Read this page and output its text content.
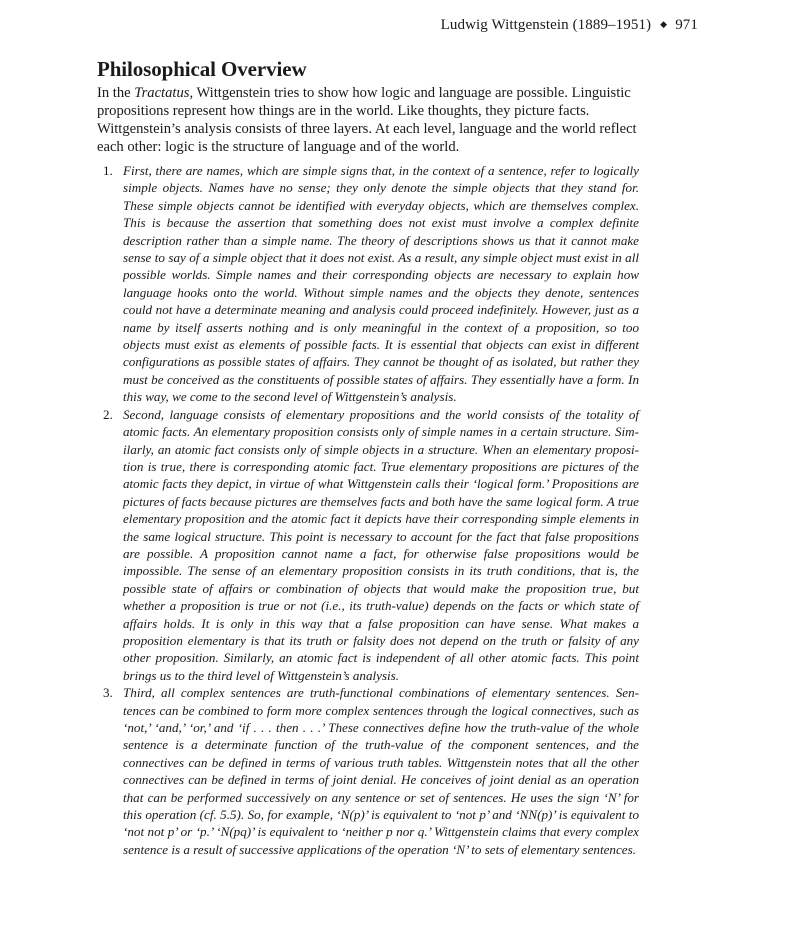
Ludwig Wittgenstein (1889–1951) ◆ 971
Philosophical Overview

In the Tractatus, Wittgenstein tries to show how logic and language are possible. Linguistic propositions represent how things are in the world. Like thoughts, they picture facts. Wittgenstein’s analysis consists of three layers. At each level, language and the world reflect each other: logic is the structure of language and of the world.

1. First, there are names, which are simple signs that, in the context of a sentence, refer to logically simple objects. Names have no sense; they only denote the simple objects that they stand for. These simple objects cannot be identified with everyday objects, which are themselves complex. This is because the assertion that something does not exist must involve a complex definite description rather than a simple name. The theory of descriptions shows us that it cannot make sense to say of a simple object that it does not exist. As a result, any simple object must exist in all possible worlds. Simple names and their corresponding objects are necessary to explain how language hooks onto the world. Without simple names and the objects they denote, sentences could not have a determinate meaning and analysis could proceed indefinitely. However, just as a name by itself asserts nothing and is only meaningful in the context of a proposition, so too objects must exist as elements of possible facts. It is essential that objects can exist in different configurations as possible states of affairs. They cannot be thought of as isolated, but rather they must be conceived as the constituents of possible states of affairs. They essentially have a form. In this way, we come to the second level of Wittgenstein’s analysis.
2. Second, language consists of elementary propositions and the world consists of the totality of atomic facts. An elementary proposition consists only of simple names in a certain structure. Similarly, an atomic fact consists only of simple objects in a structure. When an elementary proposition is true, there is corresponding atomic fact. True elementary propositions are pictures of the atomic facts they depict, in virtue of what Wittgenstein calls their ‘logical form.’ Propositions are pictures of facts because pictures are themselves facts and both have the same logical form. A true elementary proposition and the atomic fact it depicts have their corresponding simple elements in the same logical structure. This point is necessary to account for the fact that false propositions are possible. A proposition cannot name a fact, for otherwise false propositions would be impossible. The sense of an elementary proposition consists in its truth conditions, that is, the possible state of affairs or combination of objects that would make the proposition true, but whether a proposition is true or not (i.e., its truth-value) depends on the facts or which state of affairs holds. It is only in this way that a false proposition can have sense. What makes a proposition elementary is that its truth or falsity does not depend on the truth or falsity of any other proposition. Similarly, an atomic fact is independent of all other atomic facts. This point brings us to the third level of Wittgenstein’s analysis.
3. Third, all complex sentences are truth-functional combinations of elementary sentences. Sentences can be combined to form more complex sentences through the logical connectives, such as ‘not,’ ‘and,’ ‘or,’ and ‘if . . . then . . .’ These connectives define how the truth-value of the whole sentence is a determinate function of the truth-value of the component sentences, and the connectives can be defined in terms of various truth tables. Wittgenstein notes that all the other connectives can be defined in terms of joint denial. He conceives of joint denial as an operation that can be performed successively on any sentence or set of sentences. He uses the sign ‘N’ for this operation (cf. 5.5). So, for example, ‘N(p)’ is equivalent to ‘not p’ and ‘NN(p)’ is equivalent to ‘not not p’ or ‘p.’ ‘N(pq)’ is equivalent to ‘neither p nor q.’ Wittgenstein claims that every complex sentence is a result of successive applications of the operation ‘N’ to sets of elementary sentences.
